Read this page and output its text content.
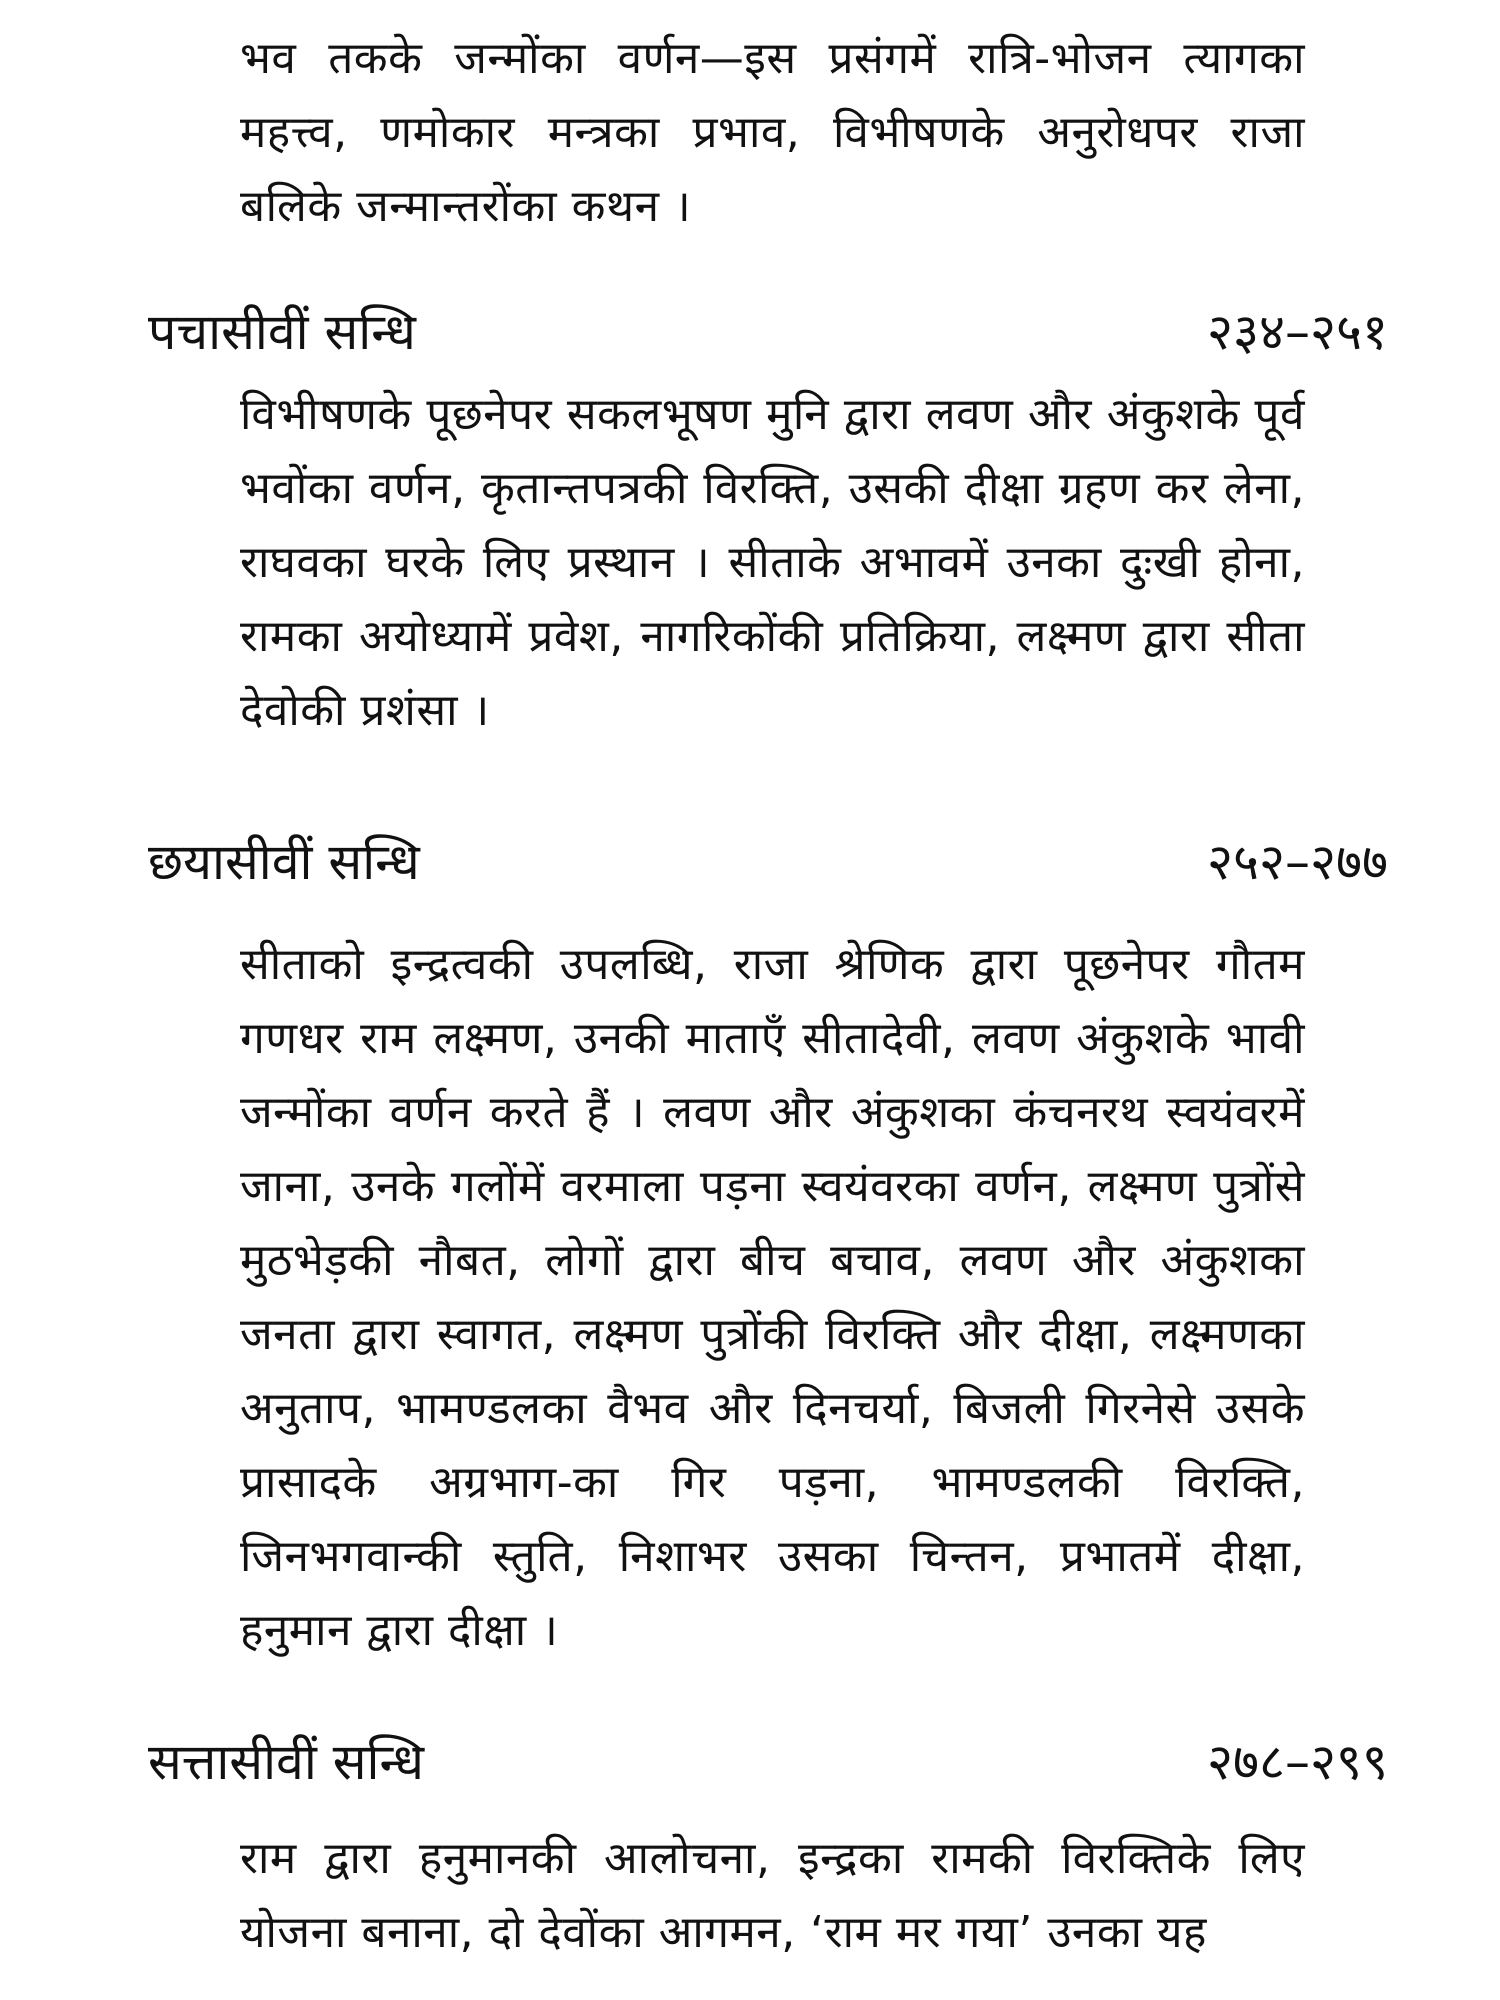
भव तकके जन्मोंका वर्णन—इस प्रसंगमें रात्रि-भोजन त्यागका महत्त्व, णमोकार मन्त्रका प्रभाव, विभीषणके अनुरोधपर राजा बलिके जन्मान्तरोंका कथन ।

पचासीवीं सन्धि	२३४–२५१

विभीषणके पूछनेपर सकलभूषण मुनि द्वारा लवण और अंकुशके पूर्व भवोंका वर्णन, कृतान्तपत्रकी विरक्ति, उसकी दीक्षा ग्रहण कर लेना, राघवका घरके लिए प्रस्थान । सीताके अभावमें उनका दुःखी होना, रामका अयोध्यामें प्रवेश, नागरिकोंकी प्रतिक्रिया, लक्ष्मण द्वारा सीता देवोकी प्रशंसा ।

छयासीवीं सन्धि	२५२–२७७

सीताको इन्द्रत्वकी उपलब्धि, राजा श्रेणिक द्वारा पूछनेपर गौतम गणधर राम लक्ष्मण, उनकी माताएँ सीतादेवी, लवण अंकुशके भावी जन्मोंका वर्णन करते हैं । लवण और अंकुशका कंचनरथ स्वयंवरमें जाना, उनके गलोंमें वरमाला पड़ना स्वयंवरका वर्णन, लक्ष्मण पुत्रोंसे मुठभेड़की नौबत, लोगों द्वारा बीच बचाव, लवण और अंकुशका जनता द्वारा स्वागत, लक्ष्मण पुत्रोंकी विरक्ति और दीक्षा, लक्ष्मणका अनुताप, भामण्डलका वैभव और दिनचर्या, बिजली गिरनेसे उसके प्रासादके अग्रभाग-का गिर पड़ना, भामण्डलकी विरक्ति, जिनभगवान्की स्तुति, निशाभर उसका चिन्तन, प्रभातमें दीक्षा, हनुमान द्वारा दीक्षा ।

सत्तासीवीं सन्धि	२७८–२९९

राम द्वारा हनुमानकी आलोचना, इन्द्रका रामकी विरक्तिके लिए योजना बनाना, दो देवोंका आगमन, ‘राम मर गया’ उनका यह
